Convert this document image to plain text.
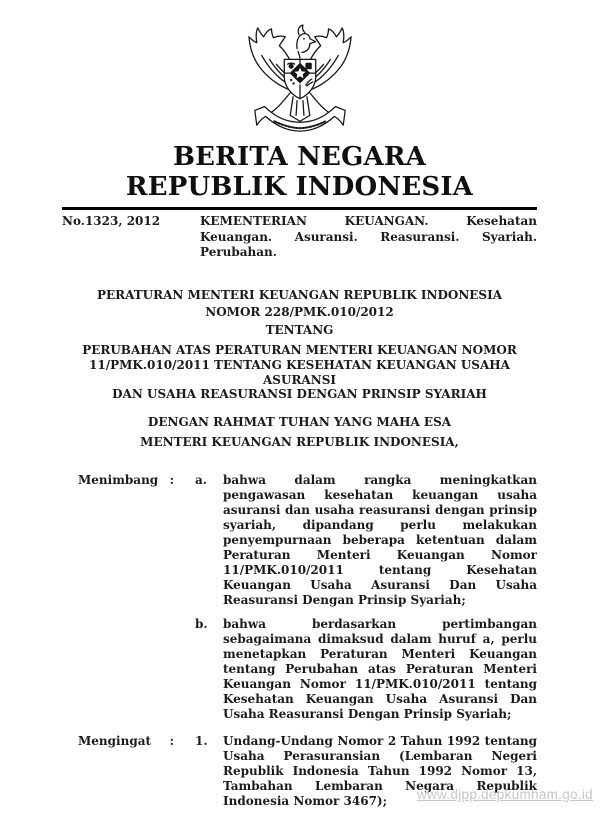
BERITA NEGARA
REPUBLIK INDONESIA
No.1323, 2012	KEMENTERIAN KEUANGAN. Kesehatan Keuangan. Asuransi. Reasuransi. Syariah. Perubahan.
PERATURAN MENTERI KEUANGAN REPUBLIK INDONESIA
NOMOR 228/PMK.010/2012
TENTANG
PERUBAHAN ATAS PERATURAN MENTERI KEUANGAN NOMOR
11/PMK.010/2011 TENTANG KESEHATAN KEUANGAN USAHA ASURANSI
DAN USAHA REASURANSI DENGAN PRINSIP SYARIAH
DENGAN RAHMAT TUHAN YANG MAHA ESA
MENTERI KEUANGAN REPUBLIK INDONESIA,
Menimbang : a.	bahwa dalam rangka meningkatkan pengawasan kesehatan keuangan usaha asuransi dan usaha reasuransi dengan prinsip syariah, dipandang perlu melakukan penyempurnaan beberapa ketentuan dalam Peraturan Menteri Keuangan Nomor 11/PMK.010/2011 tentang Kesehatan Keuangan Usaha Asuransi Dan Usaha Reasuransi Dengan Prinsip Syariah;
b.	bahwa berdasarkan pertimbangan sebagaimana dimaksud dalam huruf a, perlu menetapkan Peraturan Menteri Keuangan tentang Perubahan atas Peraturan Menteri Keuangan Nomor 11/PMK.010/2011 tentang Kesehatan Keuangan Usaha Asuransi Dan Usaha Reasuransi Dengan Prinsip Syariah;
Mengingat : 1.	Undang-Undang Nomor 2 Tahun 1992 tentang Usaha Perasuransian (Lembaran Negeri Republik Indonesia Tahun 1992 Nomor 13, Tambahan Lembaran Negara Republik Indonesia Nomor 3467);	www.djpp.depkumham.go.id
